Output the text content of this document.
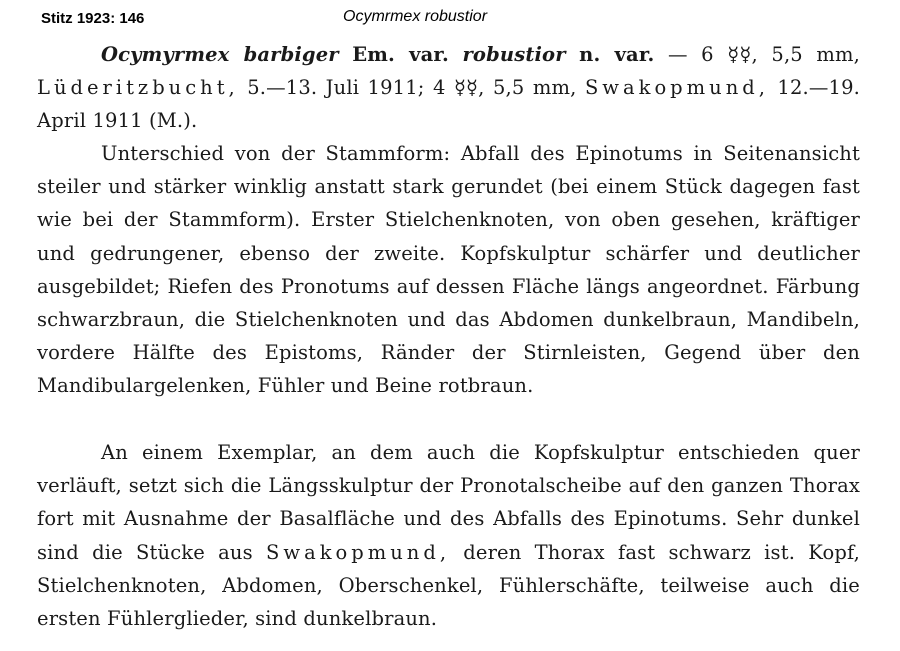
Stitz 1923: 146	Ocymrmex robustior
Ocymyrmex barbiger Em. var. robustior n. var. — 6 ☿☿, 5,5 mm, Lüderitzbucht, 5.—13. Juli 1911; 4 ☿☿, 5,5 mm, Swakopmund, 12.—19. April 1911 (M.).
Unterschied von der Stammform: Abfall des Epinotums in Seitenansicht steiler und stärker winklig anstatt stark gerundet (bei einem Stück dagegen fast wie bei der Stammform). Erster Stielchenknoten, von oben gesehen, kräftiger und gedrungener, ebenso der zweite. Kopfskulptur schärfer und deutlicher ausgebildet; Riefen des Pronotums auf dessen Fläche längs angeordnet. Färbung schwarzbraun, die Stielchenknoten und das Abdomen dunkelbraun, Mandibeln, vordere Hälfte des Epistoms, Ränder der Stirnleisten, Gegend über den Mandibulargelenken, Fühler und Beine rotbraun.
An einem Exemplar, an dem auch die Kopfskulptur entschieden quer verläuft, setzt sich die Längsskulptur der Pronotalscheibe auf den ganzen Thorax fort mit Ausnahme der Basalfläche und des Abfalls des Epinotums. Sehr dunkel sind die Stücke aus Swakopmund, deren Thorax fast schwarz ist. Kopf, Stielchenknoten, Abdomen, Oberschenkel, Fühlerschäfte, teilweise auch die ersten Fühlerglieder, sind dunkelbraun.
